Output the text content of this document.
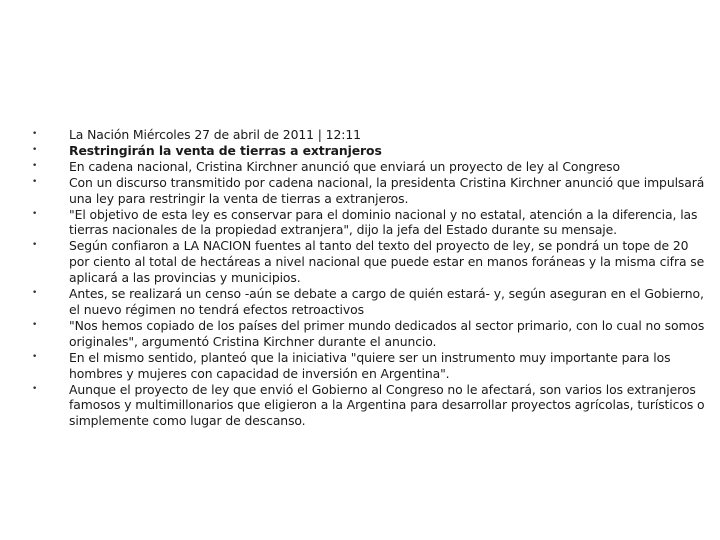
•	La Nación Miércoles 27 de abril de 2011 | 12:11
•	Restringirán la venta de tierras a extranjeros
•	En cadena nacional, Cristina Kirchner anunció que enviará un proyecto de ley al Congreso
•	Con un discurso transmitido por cadena nacional, la presidenta Cristina Kirchner anunció que impulsará una ley para restringir la venta de tierras a extranjeros.
•	"El objetivo de esta ley es conservar para el dominio nacional y no estatal, atención a la diferencia, las tierras nacionales de la propiedad extranjera", dijo la jefa del Estado durante su mensaje.
•	Según confiaron a LA NACION fuentes al tanto del texto del proyecto de ley, se pondrá un tope de 20 por ciento al total de hectáreas a nivel nacional que puede estar en manos foráneas y la misma cifra se aplicará a las provincias y municipios.
•	Antes, se realizará un censo -aún se debate a cargo de quién estará- y, según aseguran en el Gobierno, el nuevo régimen no tendrá efectos retroactivos
•	"Nos hemos copiado de los países del primer mundo dedicados al sector primario, con lo cual no somos originales", argumentó Cristina Kirchner durante el anuncio.
•	En el mismo sentido, planteó que la iniciativa "quiere ser un instrumento muy importante para los hombres y mujeres con capacidad de inversión en Argentina".
•	Aunque el proyecto de ley que envió el Gobierno al Congreso no le afectará, son varios los extranjeros famosos y multimillonarios que eligieron a la Argentina para desarrollar proyectos agrícolas, turísticos o simplemente como lugar de descanso.
